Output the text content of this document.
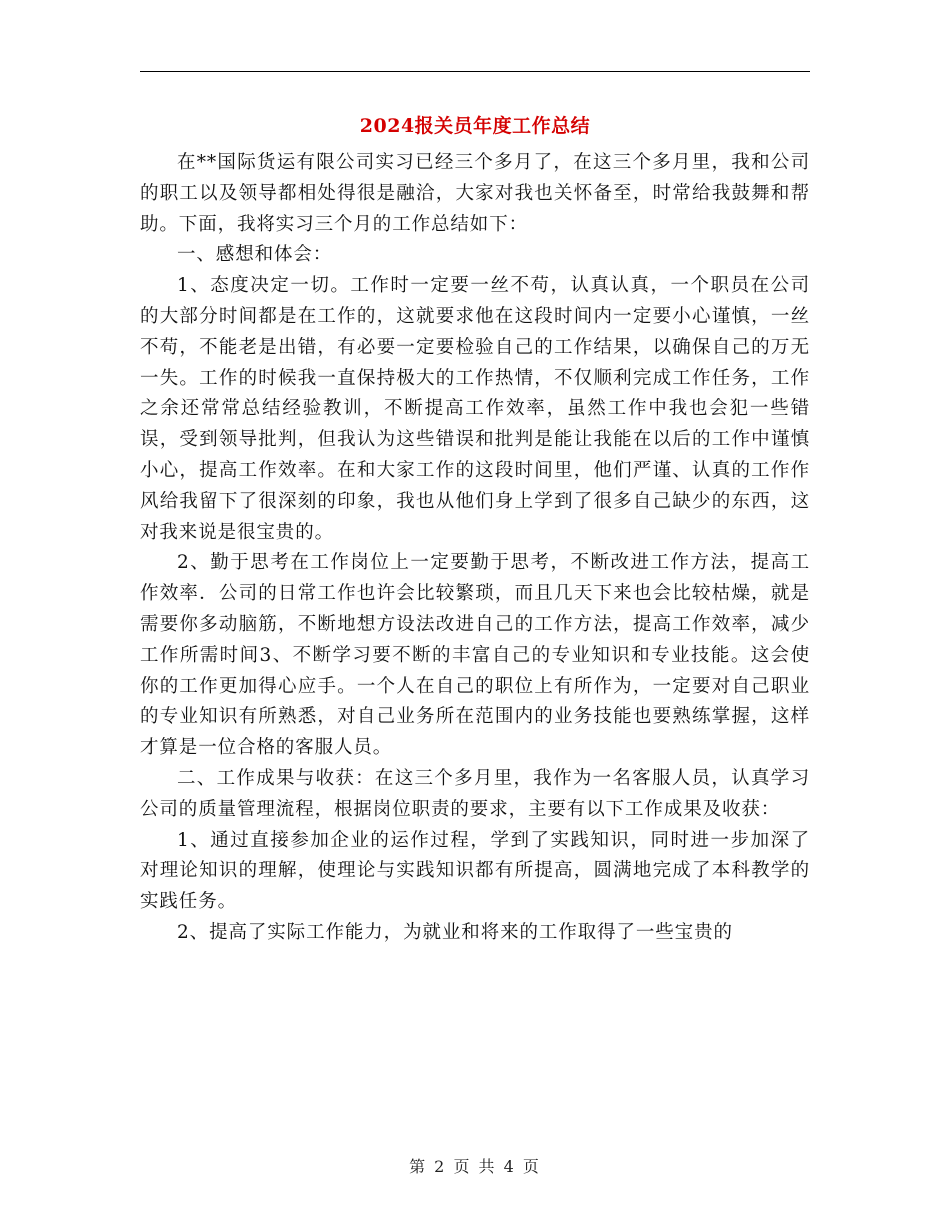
2024报关员年度工作总结

在**国际货运有限公司实习已经三个多月了，在这三个多月里，我和公司的职工以及领导都相处得很是融洽，大家对我也关怀备至，时常给我鼓舞和帮助。下面，我将实习三个月的工作总结如下：

一、感想和体会：

1、态度决定一切。工作时一定要一丝不苟，认真认真，一个职员在公司的大部分时间都是在工作的，这就要求他在这段时间内一定要小心谨慎，一丝不苟，不能老是出错，有必要一定要检验自己的工作结果，以确保自己的万无一失。工作的时候我一直保持极大的工作热情，不仅顺利完成工作任务，工作之余还常常总结经验教训，不断提高工作效率，虽然工作中我也会犯一些错误，受到领导批判，但我认为这些错误和批判是能让我能在以后的工作中谨慎小心，提高工作效率。在和大家工作的这段时间里，他们严谨、认真的工作作风给我留下了很深刻的印象，我也从他们身上学到了很多自己缺少的东西，这对我来说是很宝贵的。

2、勤于思考在工作岗位上一定要勤于思考，不断改进工作方法，提高工作效率．公司的日常工作也许会比较繁琐，而且几天下来也会比较枯燥，就是需要你多动脑筋，不断地想方设法改进自己的工作方法，提高工作效率，减少工作所需时间3、不断学习要不断的丰富自己的专业知识和专业技能。这会使你的工作更加得心应手。一个人在自己的职位上有所作为，一定要对自己职业的专业知识有所熟悉，对自己业务所在范围内的业务技能也要熟练掌握，这样才算是一位合格的客服人员。

二、工作成果与收获：在这三个多月里，我作为一名客服人员，认真学习公司的质量管理流程，根据岗位职责的要求，主要有以下工作成果及收获：

1、通过直接参加企业的运作过程，学到了实践知识，同时进一步加深了对理论知识的理解，使理论与实践知识都有所提高，圆满地完成了本科教学的实践任务。

2、提高了实际工作能力，为就业和将来的工作取得了一些宝贵的

第 2 页 共 4 页
